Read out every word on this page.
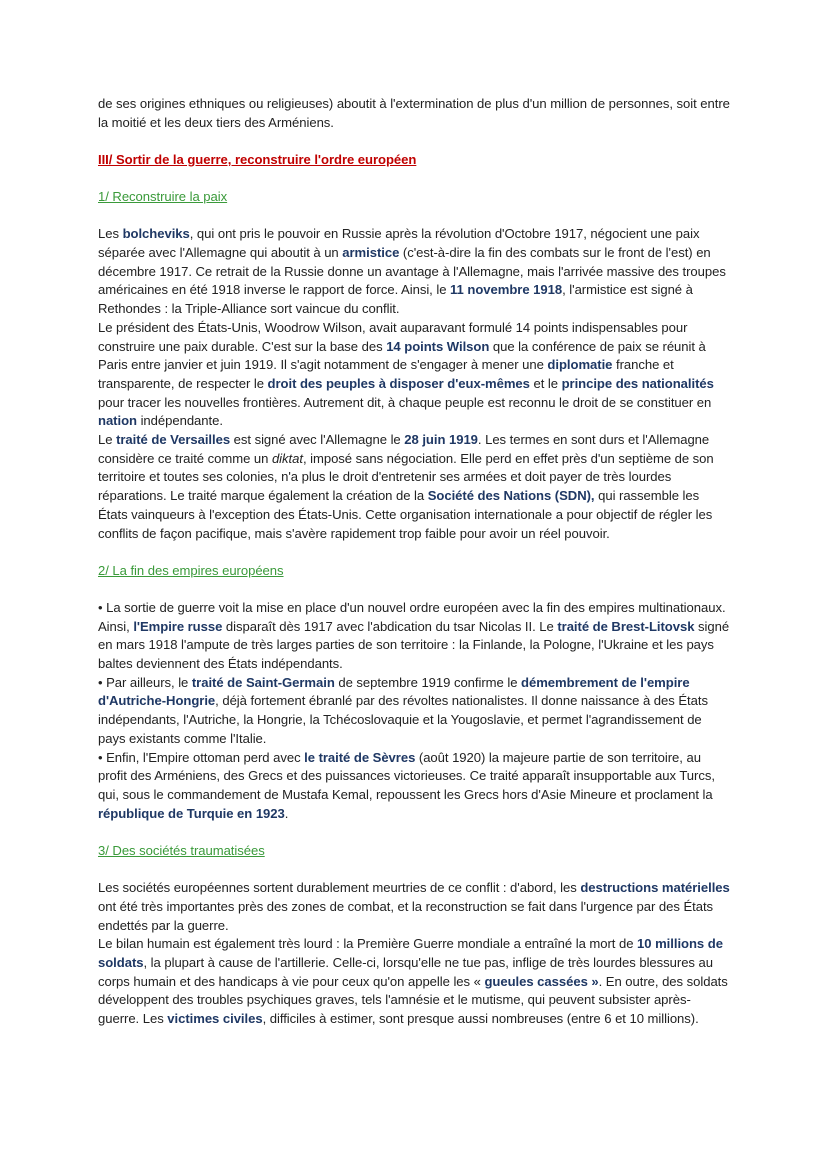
de ses origines ethniques ou religieuses) aboutit à l'extermination de plus d'un million de personnes, soit entre la moitié et les deux tiers des Arméniens.

III/ Sortir de la guerre, reconstruire l'ordre européen

1/ Reconstruire la paix

Les bolcheviks, qui ont pris le pouvoir en Russie après la révolution d'Octobre 1917, négocient une paix séparée avec l'Allemagne qui aboutit à un armistice (c'est-à-dire la fin des combats sur le front de l'est) en décembre 1917. Ce retrait de la Russie donne un avantage à l'Allemagne, mais l'arrivée massive des troupes américaines en été 1918 inverse le rapport de force. Ainsi, le 11 novembre 1918, l'armistice est signé à Rethondes : la Triple-Alliance sort vaincue du conflit.

Le président des États-Unis, Woodrow Wilson, avait auparavant formulé 14 points indispensables pour construire une paix durable. C'est sur la base des 14 points Wilson que la conférence de paix se réunit à Paris entre janvier et juin 1919. Il s'agit notamment de s'engager à mener une diplomatie franche et transparente, de respecter le droit des peuples à disposer d'eux-mêmes et le principe des nationalités pour tracer les nouvelles frontières. Autrement dit, à chaque peuple est reconnu le droit de se constituer en nation indépendante.

Le traité de Versailles est signé avec l'Allemagne le 28 juin 1919. Les termes en sont durs et l'Allemagne considère ce traité comme un diktat, imposé sans négociation. Elle perd en effet près d'un septième de son territoire et toutes ses colonies, n'a plus le droit d'entretenir ses armées et doit payer de très lourdes réparations. Le traité marque également la création de la Société des Nations (SDN), qui rassemble les États vainqueurs à l'exception des États-Unis. Cette organisation internationale a pour objectif de régler les conflits de façon pacifique, mais s'avère rapidement trop faible pour avoir un réel pouvoir.

2/ La fin des empires européens

• La sortie de guerre voit la mise en place d'un nouvel ordre européen avec la fin des empires multinationaux. Ainsi, l'Empire russe disparaît dès 1917 avec l'abdication du tsar Nicolas II. Le traité de Brest-Litovsk signé en mars 1918 l'ampute de très larges parties de son territoire : la Finlande, la Pologne, l'Ukraine et les pays baltes deviennent des États indépendants.

• Par ailleurs, le traité de Saint-Germain de septembre 1919 confirme le démembrement de l'empire d'Autriche-Hongrie, déjà fortement ébranlé par des révoltes nationalistes. Il donne naissance à des États indépendants, l'Autriche, la Hongrie, la Tchécoslovaquie et la Yougoslavie, et permet l'agrandissement de pays existants comme l'Italie.

• Enfin, l'Empire ottoman perd avec le traité de Sèvres (août 1920) la majeure partie de son territoire, au profit des Arméniens, des Grecs et des puissances victorieuses. Ce traité apparaît insupportable aux Turcs, qui, sous le commandement de Mustafa Kemal, repoussent les Grecs hors d'Asie Mineure et proclament la république de Turquie en 1923.

3/ Des sociétés traumatisées

Les sociétés européennes sortent durablement meurtries de ce conflit : d'abord, les destructions matérielles ont été très importantes près des zones de combat, et la reconstruction se fait dans l'urgence par des États endettés par la guerre.

Le bilan humain est également très lourd : la Première Guerre mondiale a entraîné la mort de 10 millions de soldats, la plupart à cause de l'artillerie. Celle-ci, lorsqu'elle ne tue pas, inflige de très lourdes blessures au corps humain et des handicaps à vie pour ceux qu'on appelle les « gueules cassées ». En outre, des soldats développent des troubles psychiques graves, tels l'amnésie et le mutisme, qui peuvent subsister après-guerre. Les victimes civiles, difficiles à estimer, sont presque aussi nombreuses (entre 6 et 10 millions).
